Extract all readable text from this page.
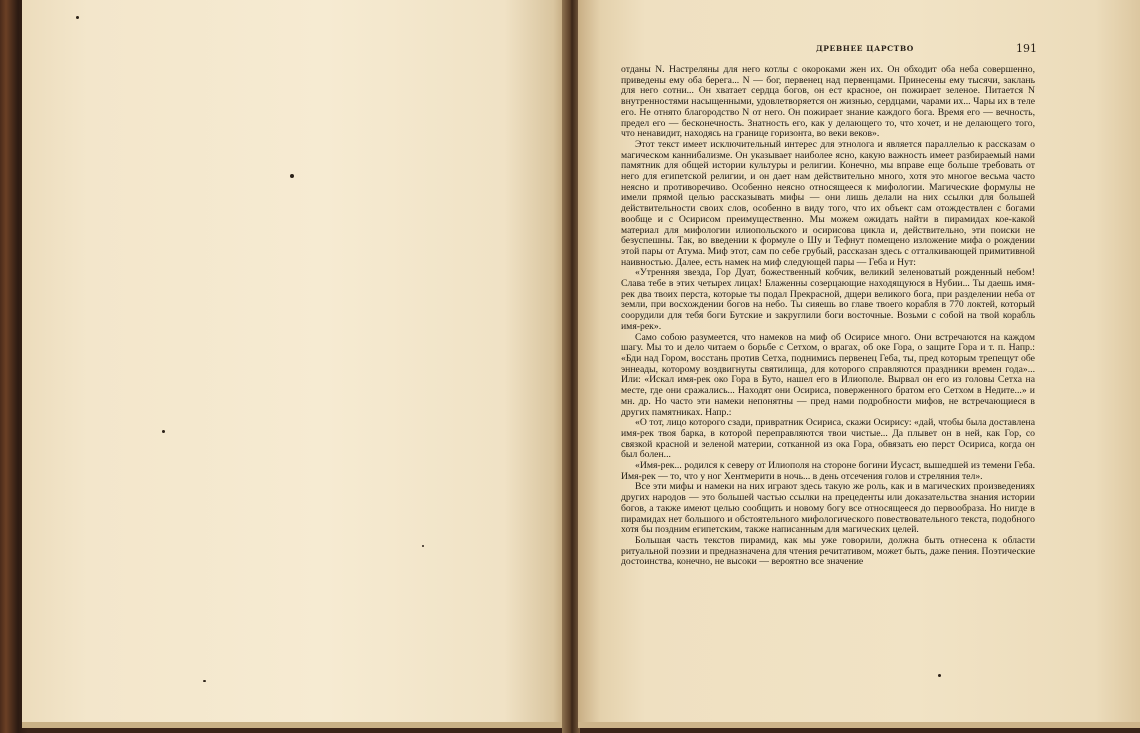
ДРЕВНЕЕ ЦАРСТВО	191

отданы N. Настреляны для него котлы с окороками жен их. Он обходит оба неба совершенно, приведены ему оба берега... N — бог, первенец над первенцами. Принесены ему тысячи, заклань для него сотни... Он хватает сердца богов, он ест красное, он пожирает зеленое. Питается N внутренностями насыщенными, удовлетворяется он жизнью, сердцами, чарами их... Чары их в теле его. Не отнято благородство N от него. Он пожирает знание каждого бога. Время его — вечность, предел его — бесконечность. Знатность его, как у делающего то, что хочет, и не делающего того, что ненавидит, находясь на границе горизонта, во веки веков».

Этот текст имеет исключительный интерес для этнолога и является параллелью к рассказам о магическом каннибализме. Он указывает наиболее ясно, какую важность имеет разбираемый нами памятник для общей истории культуры и религии. Конечно, мы вправе еще больше требовать от него для египетской религии, и он дает нам действительно много, хотя это многое весьма часто неясно и противоречиво. Особенно неясно относящееся к мифологии. Магические формулы не имели прямой целью рассказывать мифы — они лишь делали на них ссылки для большей действительности своих слов, особенно в виду того, что их объект сам отождествлен с богами вообще и с Осирисом преимущественно. Мы можем ожидать найти в пирамидах кое-какой материал для мифологии илиопольского и осирисова цикла и, действительно, эти поиски не безуспешны. Так, во введении к формуле о Шу и Тефнут помещено изложение мифа о рождении этой пары от Атума. Миф этот, сам по себе грубый, рассказан здесь с отталкивающей примитивной наивностью. Далее, есть намек на миф следующей пары — Геба и Нут:

«Утренняя звезда, Гор Дуат, божественный кобчик, великий зеленоватый рожденный небом! Слава тебе в этих четырех лицах! Блаженны созерцающие находящуюся в Нубии... Ты даешь имя-рек два твоих перста, которые ты подал Прекрасной, дщери великого бога, при разделении неба от земли, при восхождении богов на небо. Ты сияешь во главе твоего корабля в 770 локтей, который соорудили для тебя боги Бутские и закруглили боги восточные. Возьми с собой на твой корабль имя-рек».

Само собою разумеется, что намеков на миф об Осирисе много. Они встречаются на каждом шагу. Мы то и дело читаем о борьбе с Сетхом, о врагах, об оке Гора, о защите Гора и т. п. Напр.: «Бди над Гором, восстань против Сетха, поднимись первенец Геба, ты, пред которым трепещут обе эннеады, которому воздвигнуты святилища, для которого справляются праздники времен года»... Или: «Искал имя-рек око Гора в Буто, нашел его в Илиополе. Вырвал он его из головы Сетха на месте, где они сражались... Находят они Осириса, поверженного братом его Сетхом в Недите...» и мн. др. Но часто эти намеки непонятны — пред нами подробности мифов, не встречающиеся в других памятниках. Напр.:

«О тот, лицо которого сзади, привратник Осириса, скажи Осирису: «дай, чтобы была доставлена имя-рек твоя барка, в которой переправляются твои чистые... Да плывет он в ней, как Гор, со связкой красной и зеленой материи, сотканной из ока Гора, обвязать ею перст Осириса, когда он был болен...

«Имя-рек... родился к северу от Илиополя на стороне богини Иусаст, вышедшей из темени Геба. Имя-рек — то, что у ног Хентмерити в ночь... в день отсечения голов и стреляния тел».

Все эти мифы и намеки на них играют здесь такую же роль, как и в магических произведениях других народов — это большей частью ссылки на прецеденты или доказательства знания истории богов, а также имеют целью сообщить и новому богу все относящееся до первообраза. Но нигде в пирамидах нет большого и обстоятельного мифологического повествовательного текста, подобного хотя бы поздним египетским, также написанным для магических целей.

Большая часть текстов пирамид, как мы уже говорили, должна быть отнесена к области ритуальной поэзии и предназначена для чтения речитативом, может быть, даже пения. Поэтические достоинства, конечно, не высоки — вероятно все значение
